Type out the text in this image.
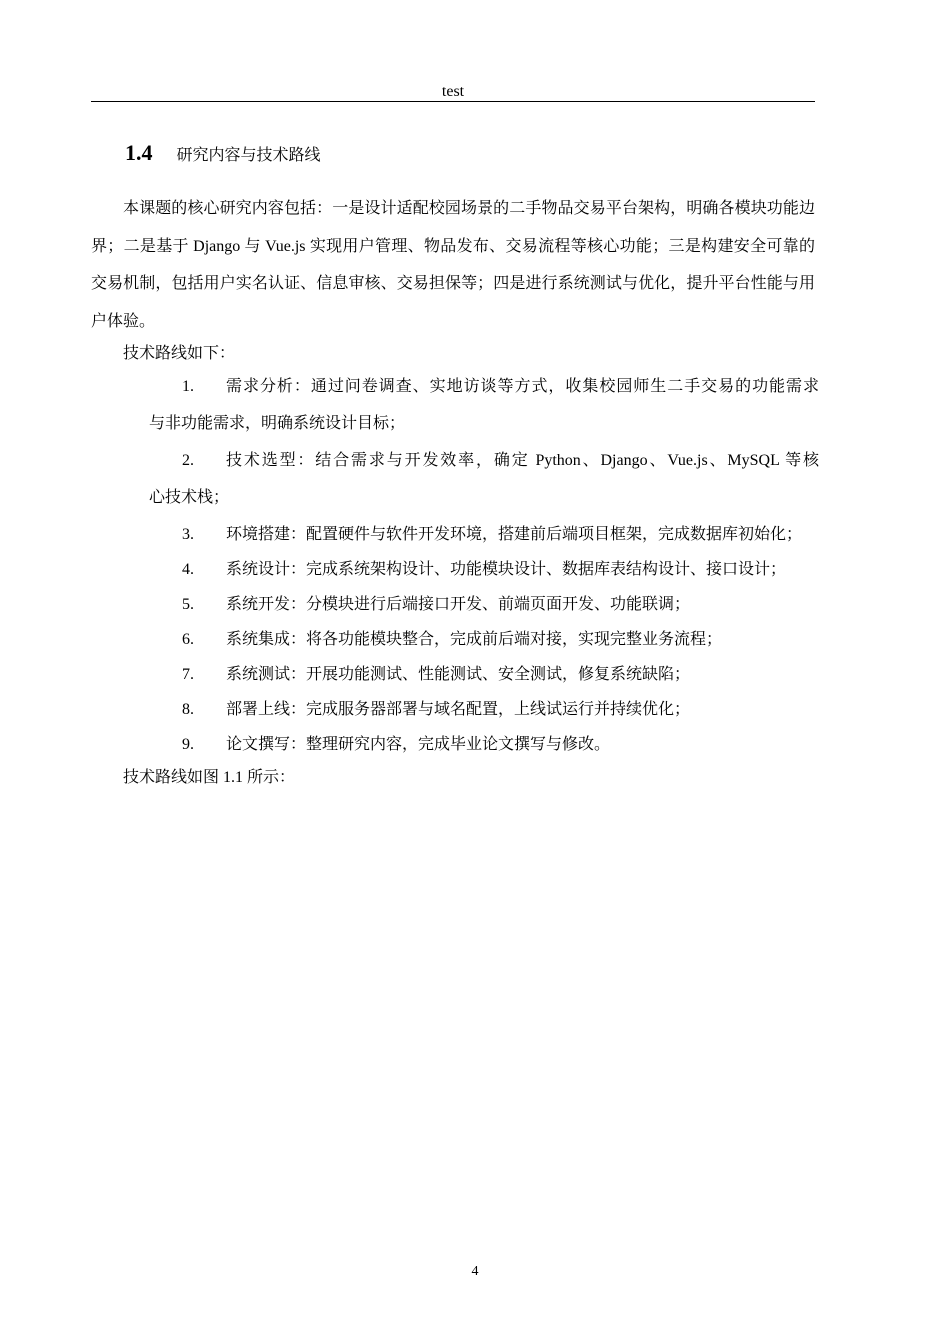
test
1.4 研究内容与技术路线

本课题的核心研究内容包括：一是设计适配校园场景的二手物品交易平台架构，明确各模块功能边界；二是基于 Django 与 Vue.js 实现用户管理、物品发布、交易流程等核心功能；三是构建安全可靠的交易机制，包括用户实名认证、信息审核、交易担保等；四是进行系统测试与优化，提升平台性能与用户体验。

技术路线如下：

1.	需求分析：通过问卷调查、实地访谈等方式，收集校园师生二手交易的功能需求
与非功能需求，明确系统设计目标；
2.	技术选型：结合需求与开发效率，确定 Python、Django、Vue.js、MySQL 等核
心技术栈；
3.	环境搭建：配置硬件与软件开发环境，搭建前后端项目框架，完成数据库初始化；
4.	系统设计：完成系统架构设计、功能模块设计、数据库表结构设计、接口设计；
5.	系统开发：分模块进行后端接口开发、前端页面开发、功能联调；
6.	系统集成：将各功能模块整合，完成前后端对接，实现完整业务流程；
7.	系统测试：开展功能测试、性能测试、安全测试，修复系统缺陷；
8.	部署上线：完成服务器部署与域名配置，上线试运行并持续优化；
9.	论文撰写：整理研究内容，完成毕业论文撰写与修改。

技术路线如图 1.1 所示：

4
